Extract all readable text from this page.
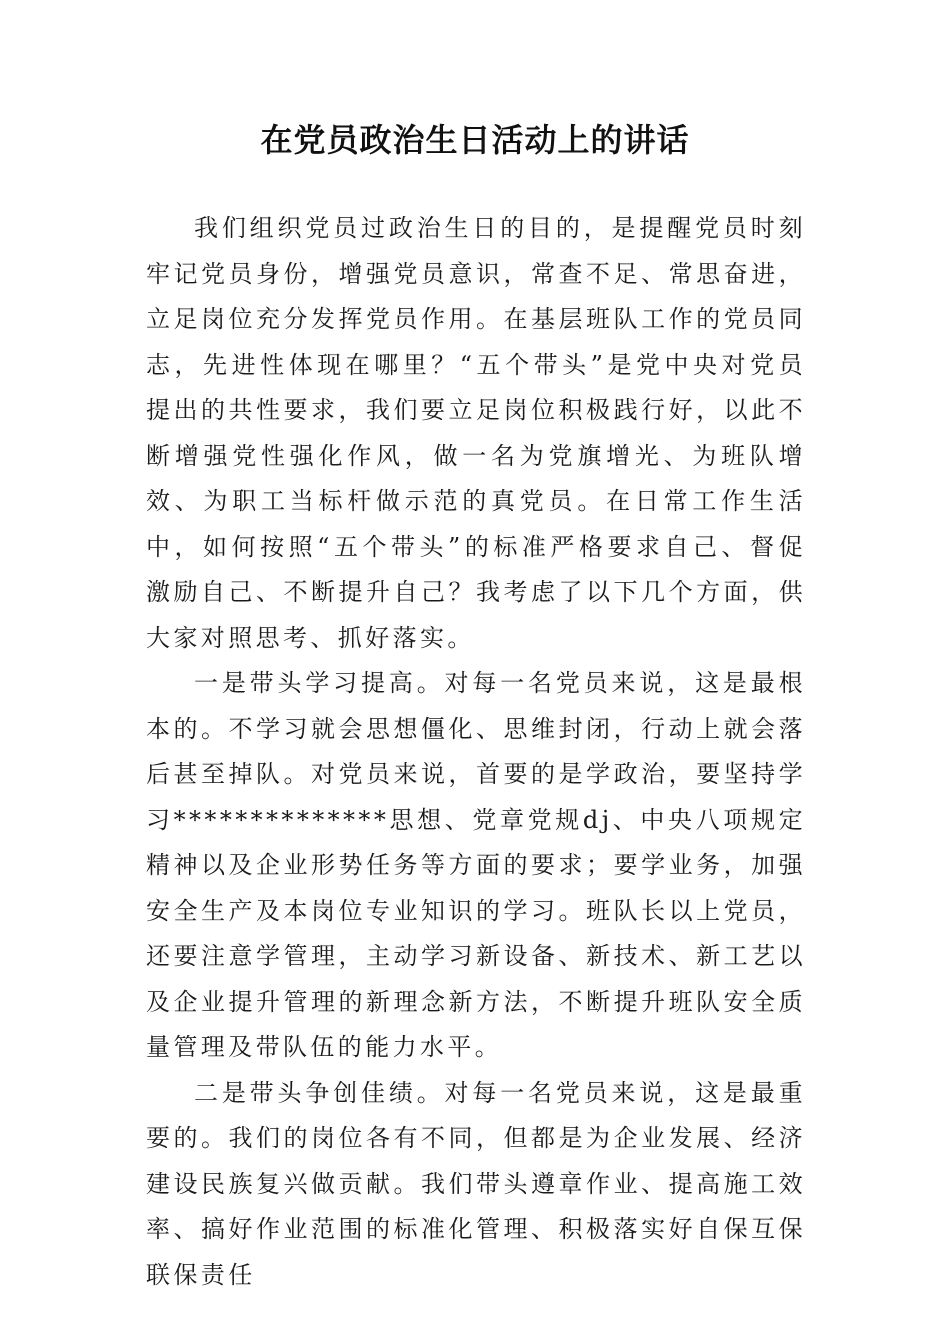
在党员政治生日活动上的讲话

我们组织党员过政治生日的目的，是提醒党员时刻牢记党员身份，增强党员意识，常查不足、常思奋进，立足岗位充分发挥党员作用。在基层班队工作的党员同志，先进性体现在哪里？“五个带头”是党中央对党员提出的共性要求，我们要立足岗位积极践行好，以此不断增强党性强化作风，做一名为党旗增光、为班队增效、为职工当标杆做示范的真党员。在日常工作生活中，如何按照“五个带头”的标准严格要求自己、督促激励自己、不断提升自己？我考虑了以下几个方面，供大家对照思考、抓好落实。

一是带头学习提高。对每一名党员来说，这是最根本的。不学习就会思想僵化、思维封闭，行动上就会落后甚至掉队。对党员来说，首要的是学政治，要坚持学习**************思想、党章党规dj、中央八项规定精神以及企业形势任务等方面的要求；要学业务，加强安全生产及本岗位专业知识的学习。班队长以上党员，还要注意学管理，主动学习新设备、新技术、新工艺以及企业提升管理的新理念新方法，不断提升班队安全质量管理及带队伍的能力水平。

二是带头争创佳绩。对每一名党员来说，这是最重要的。我们的岗位各有不同，但都是为企业发展、经济建设民族复兴做贡献。我们带头遵章作业、提高施工效率、搞好作业范围的标准化管理、积极落实好自保互保联保责任
